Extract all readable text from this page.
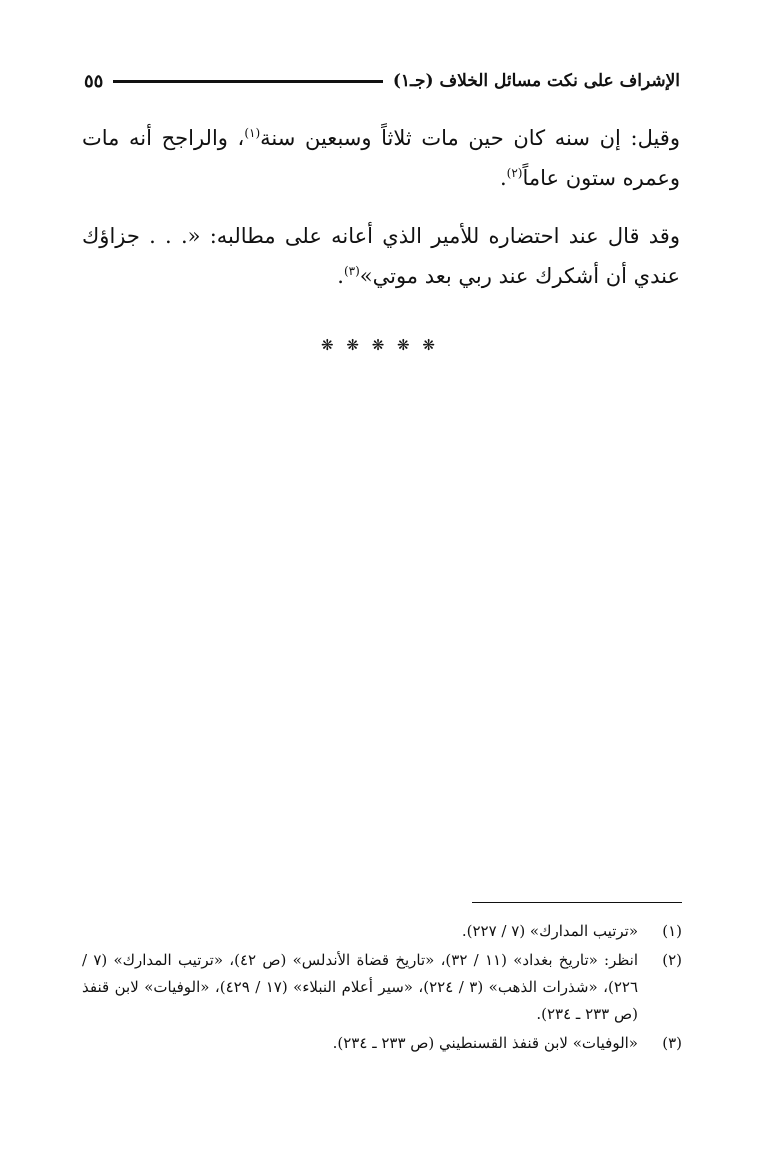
الإشراف على نكت مسائل الخلاف (جـ١)
٥٥

وقيل: إن سنه كان حين مات ثلاثاً وسبعين سنة$^{(١)}$، والراجح أنه مات وعمره ستون عاماً$^{(٢)}$.

وقد قال عند احتضاره للأمير الذي أعانه على مطالبه: «. . . جزاؤك عندي أن أشكرك عند ربي بعد موتي»$^{(٣)}$.

❋ ❋ ❋ ❋ ❋
(١)
«ترتيب المدارك» (٧ / ٢٢٧).
(٢)
انظر: «تاريخ بغداد» (١١ / ٣٢)، «تاريخ قضاة الأندلس» (ص ٤٢)، «ترتيب المدارك» (٧ / ٢٢٦)، «شذرات الذهب» (٣ / ٢٢٤)، «سير أعلام النبلاء» (١٧ / ٤٢٩)، «الوفيات» لابن قنفذ (ص ٢٣٣ ـ ٢٣٤).
(٣)
«الوفيات» لابن قنفذ القسنطيني (ص ٢٣٣ ـ ٢٣٤).
